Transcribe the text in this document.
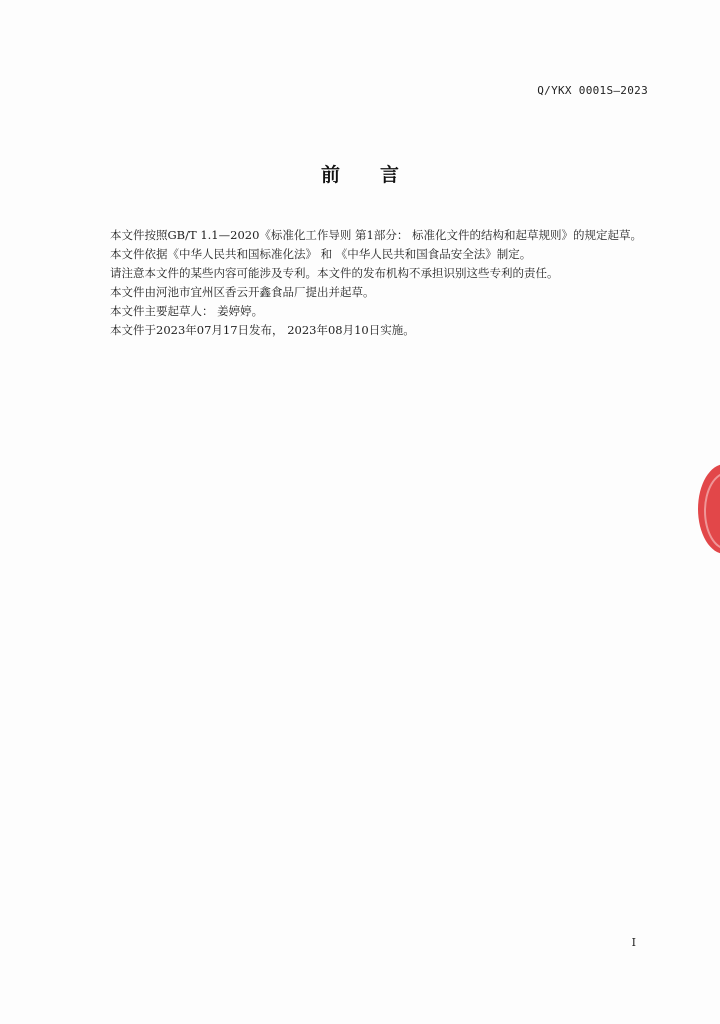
Q/YKX 0001S—2023
前言

本文件按照GB/T 1.1—2020《标准化工作导则 第1部分： 标准化文件的结构和起草规则》的规定起草。

本文件依据《中华人民共和国标准化法》 和 《中华人民共和国食品安全法》制定。

请注意本文件的某些内容可能涉及专利。本文件的发布机构不承担识别这些专利的责任。

本文件由河池市宜州区香云开鑫食品厂提出并起草。

本文件主要起草人： 姜婷婷。

本文件于2023年07月17日发布， 2023年08月10日实施。

I
